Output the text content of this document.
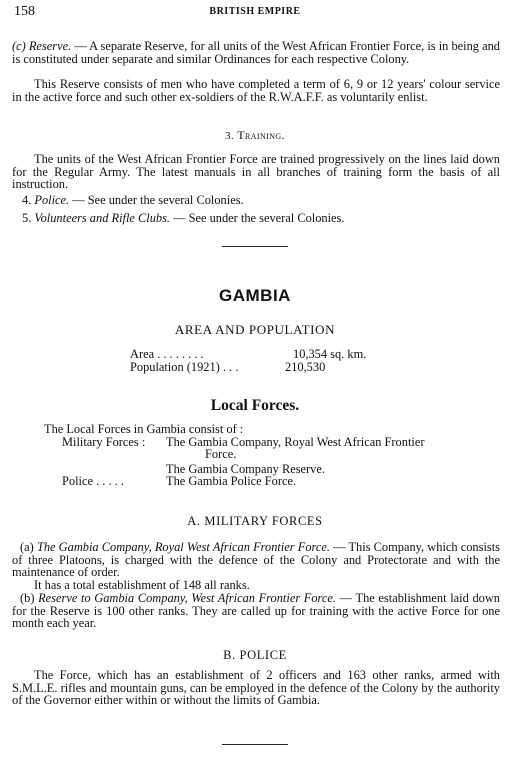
158	BRITISH EMPIRE
(c) Reserve. — A separate Reserve, for all units of the West African Frontier Force, is in being and is constituted under separate and similar Ordinances for each respective Colony.
This Reserve consists of men who have completed a term of 6, 9 or 12 years' colour service in the active force and such other ex-soldiers of the R.W.A.F.F. as voluntarily enlist.
3. Training.
The units of the West African Frontier Force are trained progressively on the lines laid down for the Regular Army. The latest manuals in all branches of training form the basis of all instruction.
4. Police. — See under the several Colonies.
5. Volunteers and Rifle Clubs. — See under the several Colonies.
GAMBIA
AREA AND POPULATION
Area . . . . . . . .	10,354 sq. km.
Population (1921) . . .	210,530
Local Forces.
The Local Forces in Gambia consist of :
Military Forces : The Gambia Company, Royal West African Frontier
Force.
The Gambia Company Reserve.
Police . . . . .	The Gambia Police Force.
A. MILITARY FORCES
(a) The Gambia Company, Royal West African Frontier Force. — This Company, which consists of three Platoons, is charged with the defence of the Colony and Protectorate and with the maintenance of order.
It has a total establishment of 148 all ranks.
(b) Reserve to Gambia Company, West African Frontier Force. — The establishment laid down for the Reserve is 100 other ranks. They are called up for training with the active Force for one month each year.
B. POLICE
The Force, which has an establishment of 2 officers and 163 other ranks, armed with S.M.L.E. rifles and mountain guns, can be employed in the defence of the Colony by the authority of the Governor either within or without the limits of Gambia.
